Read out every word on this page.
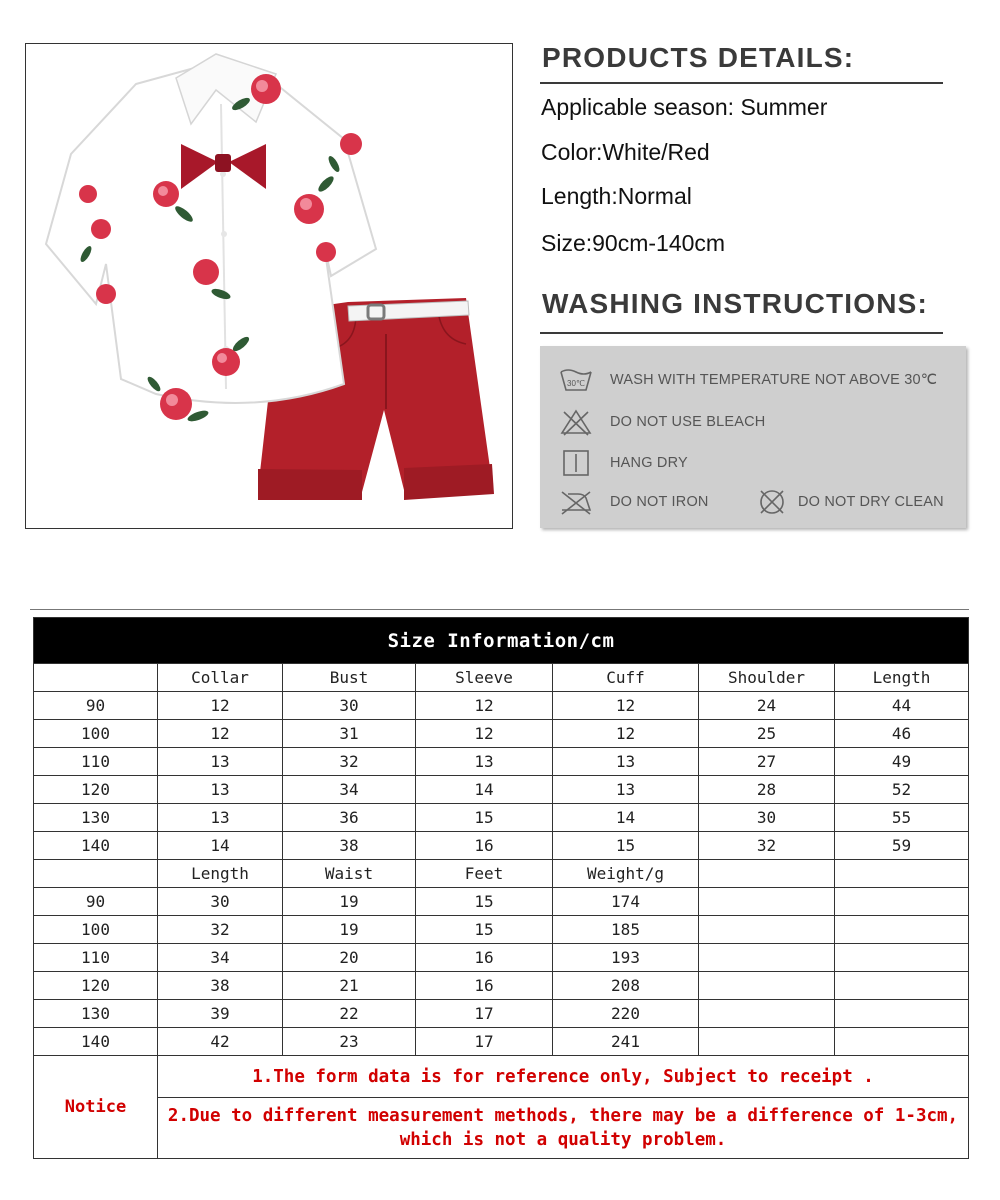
PRODUCTS DETAILS:
Applicable season: Summer
Color:White/Red
Length:Normal
Size:90cm-140cm
WASHING INSTRUCTIONS:
30℃ WASH WITH TEMPERATURE NOT ABOVE 30℃
DO NOT USE BLEACH
HANG DRY
DO NOT IRON	DO NOT DRY CLEAN
Size Information/cm						
	Collar	Bust	Sleeve	Cuff	Shoulder	Length
90	12	30	12	12	24	44
100	12	31	12	12	25	46
110	13	32	13	13	27	49
120	13	34	14	13	28	52
130	13	36	15	14	30	55
140	14	38	16	15	32	59
	Length	Waist	Feet	Weight/g		
90	30	19	15	174		
100	32	19	15	185		
110	34	20	16	193		
120	38	21	16	208		
130	39	22	17	220		
140	42	23	17	241		
Notice	1.The form data is for reference only, Subject to receipt .					
	2.Due to different measurement methods, there may be a difference of 1-3cm, which is not a quality problem.					
